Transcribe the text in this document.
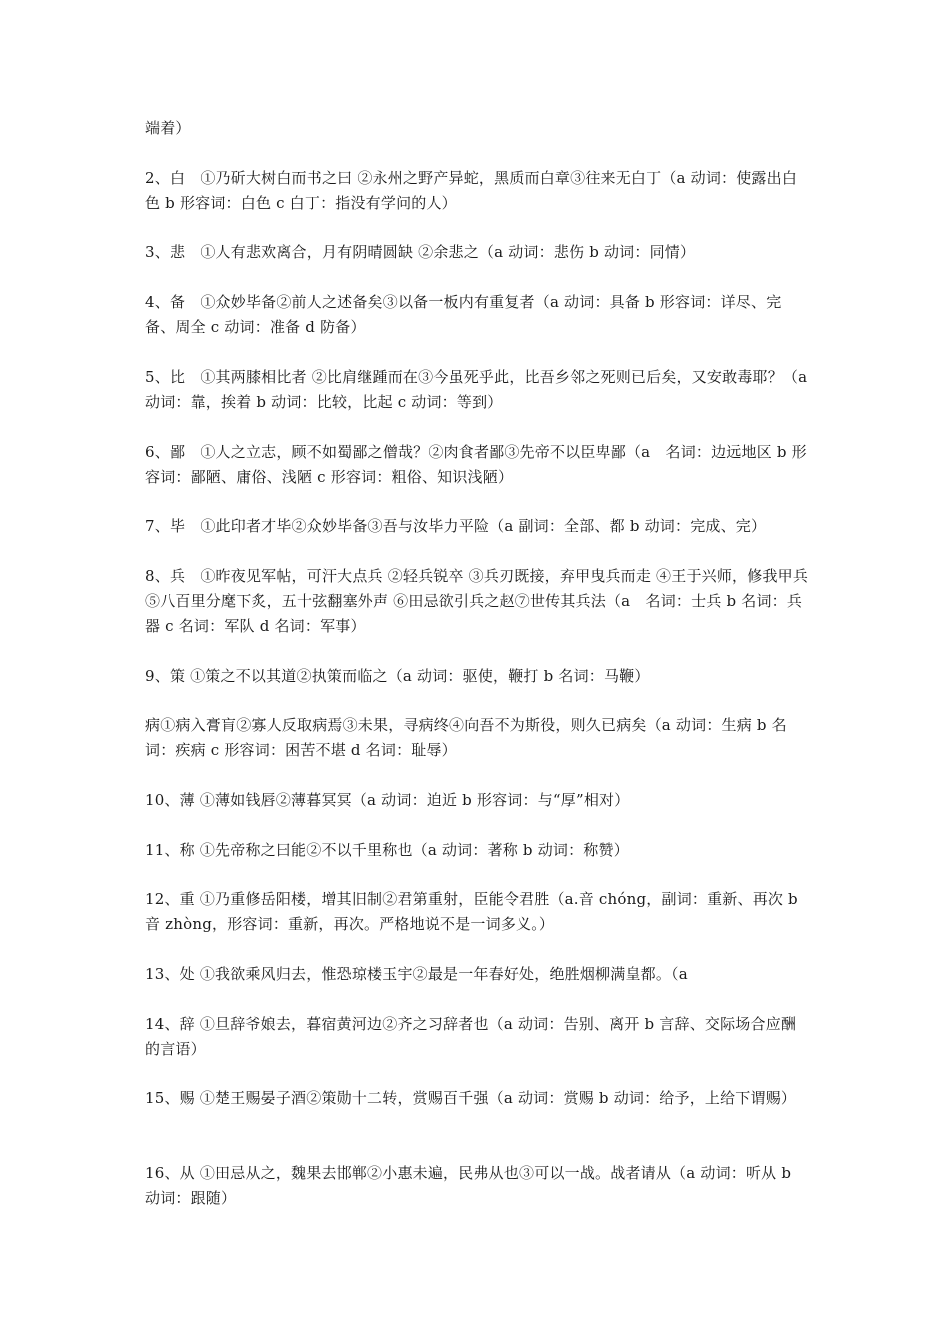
端着）

2、白　①乃斫大树白而书之曰 ②永州之野产异蛇，黑质而白章③往来无白丁（a 动词：使露出白色 b 形容词：白色 c 白丁：指没有学问的人）

3、悲　①人有悲欢离合，月有阴晴圆缺 ②余悲之（a 动词：悲伤 b 动词：同情）

4、备　①众妙毕备②前人之述备矣③以备一板内有重复者（a 动词：具备 b 形容词：详尽、完备、周全 c 动词：准备 d 防备）

5、比　①其两膝相比者 ②比肩继踵而在③今虽死乎此，比吾乡邻之死则已后矣，又安敢毒耶？（a 动词：靠，挨着 b 动词：比较，比起 c 动词：等到）

6、鄙　①人之立志，顾不如蜀鄙之僧哉？②肉食者鄙③先帝不以臣卑鄙（a　名词：边远地区 b 形容词：鄙陋、庸俗、浅陋 c 形容词：粗俗、知识浅陋）

7、毕　①此印者才毕②众妙毕备③吾与汝毕力平险（a 副词：全部、都 b 动词：完成、完）

8、兵　①昨夜见军帖，可汗大点兵 ②轻兵锐卒 ③兵刃既接，弃甲曳兵而走 ④王于兴师，修我甲兵⑤八百里分麾下炙，五十弦翻塞外声 ⑥田忌欲引兵之赵⑦世传其兵法（a　名词：士兵 b 名词：兵器 c 名词：军队 d 名词：军事）

9、策 ①策之不以其道②执策而临之（a 动词：驱使，鞭打 b 名词：马鞭）

病①病入膏肓②寡人反取病焉③未果，寻病终④向吾不为斯役，则久已病矣（a 动词：生病 b 名词：疾病 c 形容词：困苦不堪 d 名词：耻辱）

10、薄 ①薄如钱唇②薄暮冥冥（a 动词：迫近 b 形容词：与“厚”相对）

11、称 ①先帝称之曰能②不以千里称也（a 动词：著称 b 动词：称赞）

12、重 ①乃重修岳阳楼，增其旧制②君第重射，臣能令君胜（a.音 chóng，副词：重新、再次 b 音 zhòng，形容词：重新，再次。严格地说不是一词多义。）

13、处 ①我欲乘风归去，惟恐琼楼玉宇②最是一年春好处，绝胜烟柳满皇都。（a

14、辞 ①旦辞爷娘去，暮宿黄河边②齐之习辞者也（a 动词：告别、离开 b 言辞、交际场合应酬的言语）

15、赐 ①楚王赐晏子酒②策勋十二转，赏赐百千强（a 动词：赏赐 b 动词：给予，上给下谓赐）

16、从 ①田忌从之，魏果去邯郸②小惠未遍，民弗从也③可以一战。战者请从（a 动词：听从 b 动词：跟随）
